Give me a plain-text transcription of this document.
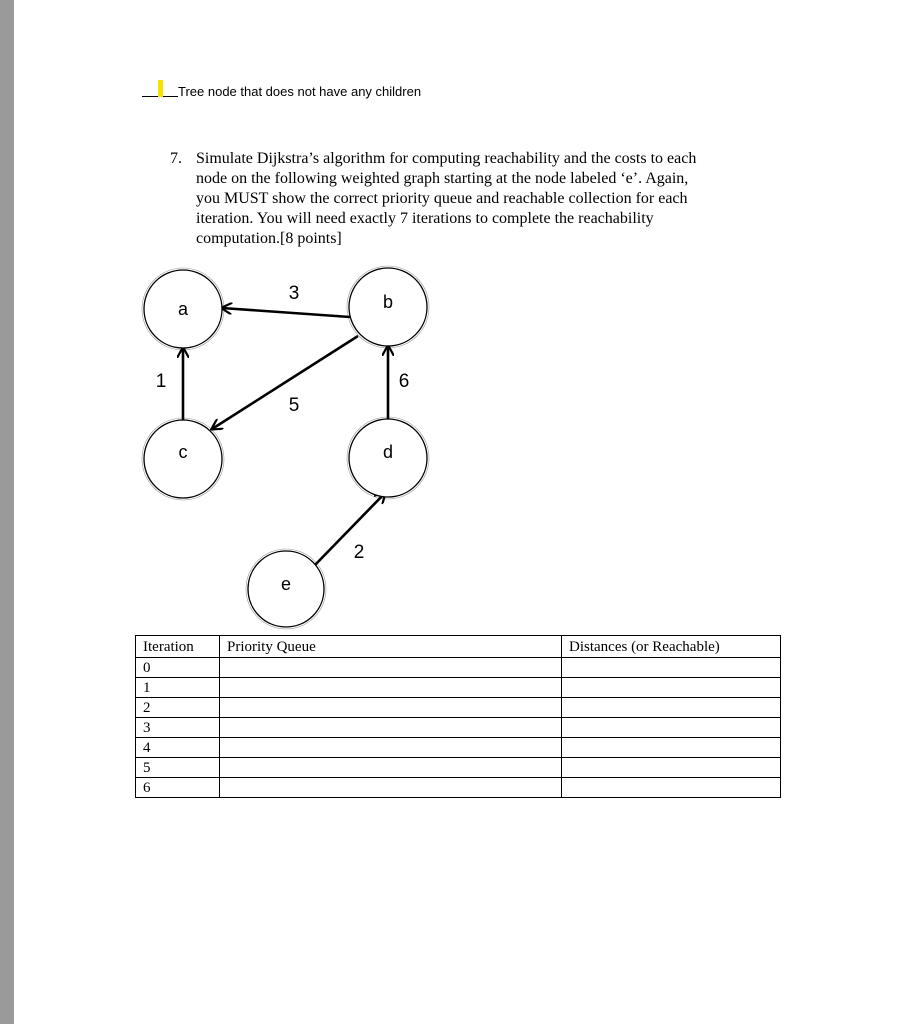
Tree node that does not have any children
7. Simulate Dijkstra’s algorithm for computing reachability and the costs to each
node on the following weighted graph starting at the node labeled ‘e’. Again,
you MUST show the correct priority queue and reachable collection for each
iteration. You will need exactly 7 iterations to complete the reachability
computation.[8 points]
a	b
c	d
e
3
5
1	6
2
Iteration	Priority Queue	Distances (or Reachable)
0		
1		
2		
3		
4		
5		
6		
